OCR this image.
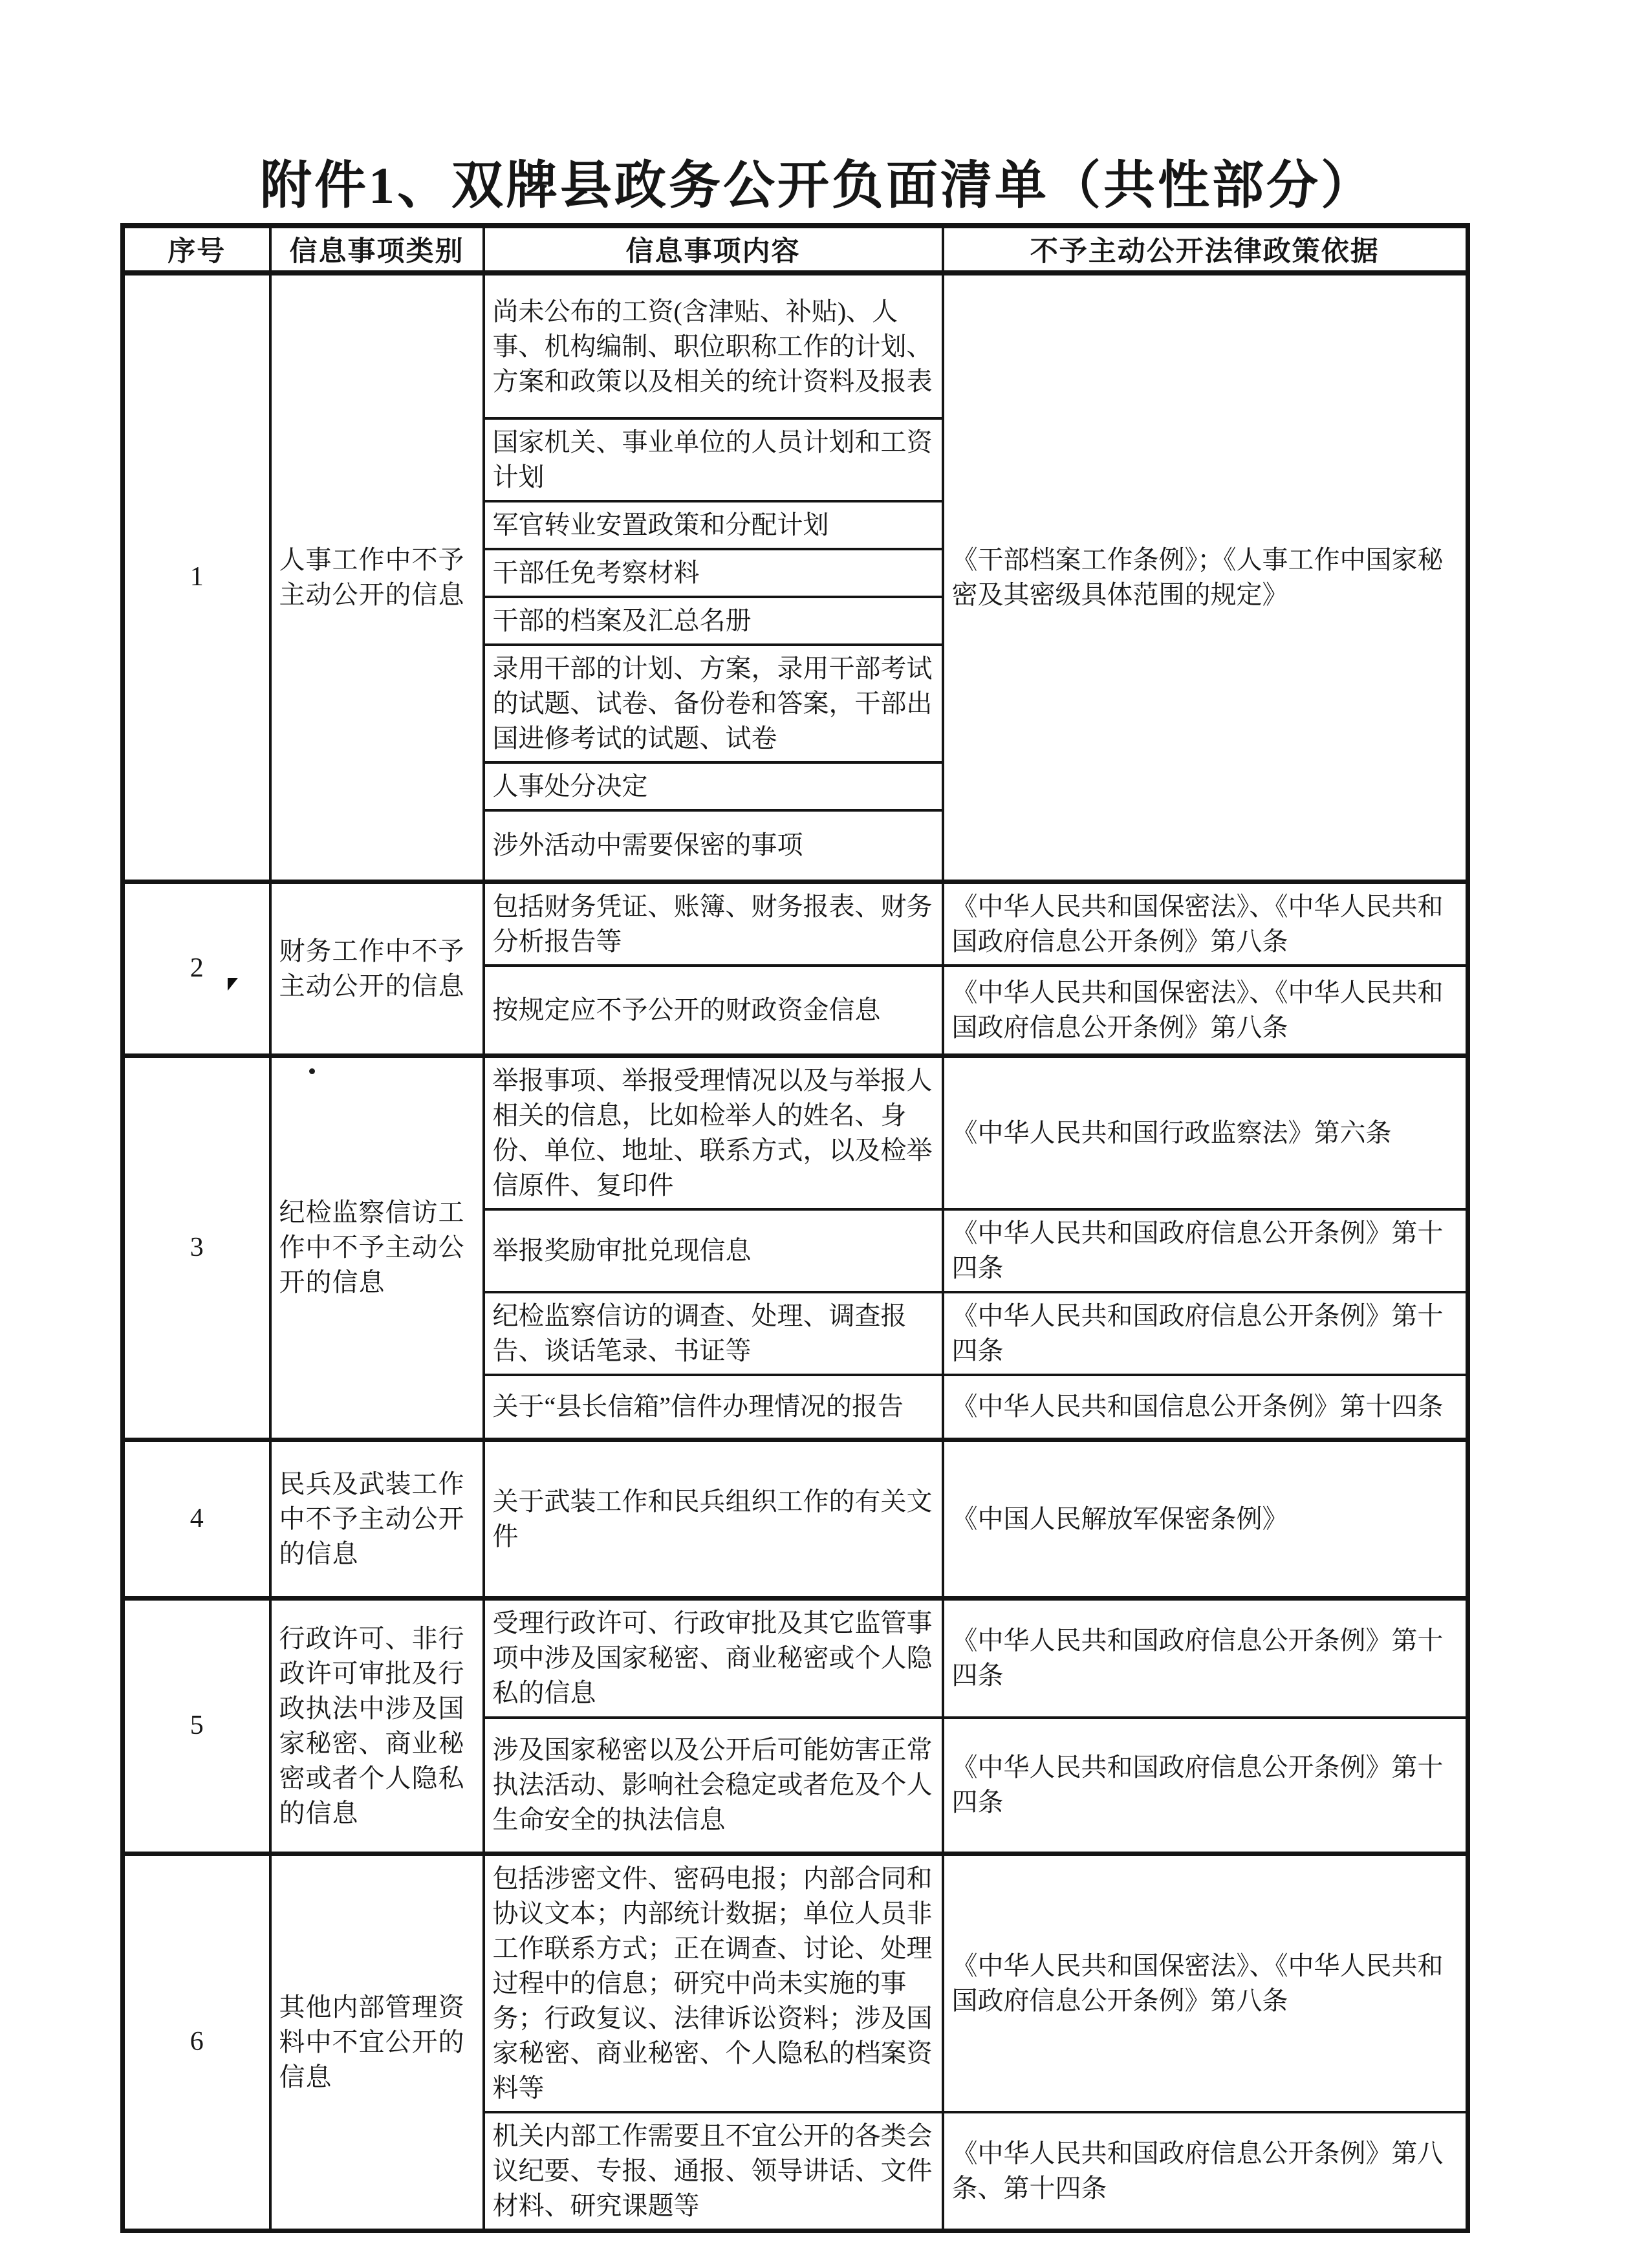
附件1、双牌县政务公开负面清单（共性部分）
序号	信息事项类别	信息事项内容	不予主动公开法律政策依据
1	人事工作中不予主动公开的信息	尚未公布的工资(含津贴、补贴)、人事、机构编制、职位职称工作的计划、方案和政策以及相关的统计资料及报表	《干部档案工作条例》；《人事工作中国家秘密及其密级具体范围的规定》
		国家机关、事业单位的人员计划和工资计划	
		军官转业安置政策和分配计划	
		干部任免考察材料	
		干部的档案及汇总名册	
		录用干部的计划、方案，录用干部考试的试题、试卷、备份卷和答案，干部出国进修考试的试题、试卷	
		人事处分决定	
		涉外活动中需要保密的事项	
2	财务工作中不予主动公开的信息	包括财务凭证、账簿、财务报表、财务分析报告等	《中华人民共和国保密法》、《中华人民共和国政府信息公开条例》第八条
		按规定应不予公开的财政资金信息	《中华人民共和国保密法》、《中华人民共和国政府信息公开条例》第八条
3	纪检监察信访工作中不予主动公开的信息	举报事项、举报受理情况以及与举报人相关的信息，比如检举人的姓名、身份、单位、地址、联系方式，以及检举信原件、复印件	《中华人民共和国行政监察法》第六条
		举报奖励审批兑现信息	《中华人民共和国政府信息公开条例》第十四条
		纪检监察信访的调查、处理、调查报告、谈话笔录、书证等	《中华人民共和国政府信息公开条例》第十四条
		关于“县长信箱”信件办理情况的报告	《中华人民共和国信息公开条例》第十四条
4	民兵及武装工作中不予主动公开的信息	关于武装工作和民兵组织工作的有关文件	《中国人民解放军保密条例》
5	行政许可、非行政许可审批及行政执法中涉及国家秘密、商业秘密或者个人隐私的信息	受理行政许可、行政审批及其它监管事项中涉及国家秘密、商业秘密或个人隐私的信息	《中华人民共和国政府信息公开条例》第十四条
		涉及国家秘密以及公开后可能妨害正常执法活动、影响社会稳定或者危及个人生命安全的执法信息	《中华人民共和国政府信息公开条例》第十四条
6	其他内部管理资料中不宜公开的信息	包括涉密文件、密码电报；内部合同和协议文本；内部统计数据；单位人员非工作联系方式；正在调查、讨论、处理过程中的信息；研究中尚未实施的事务；行政复议、法律诉讼资料；涉及国家秘密、商业秘密、个人隐私的档案资料等	《中华人民共和国保密法》、《中华人民共和国政府信息公开条例》第八条
		机关内部工作需要且不宜公开的各类会议纪要、专报、通报、领导讲话、文件材料、研究课题等	《中华人民共和国政府信息公开条例》第八条、第十四条
